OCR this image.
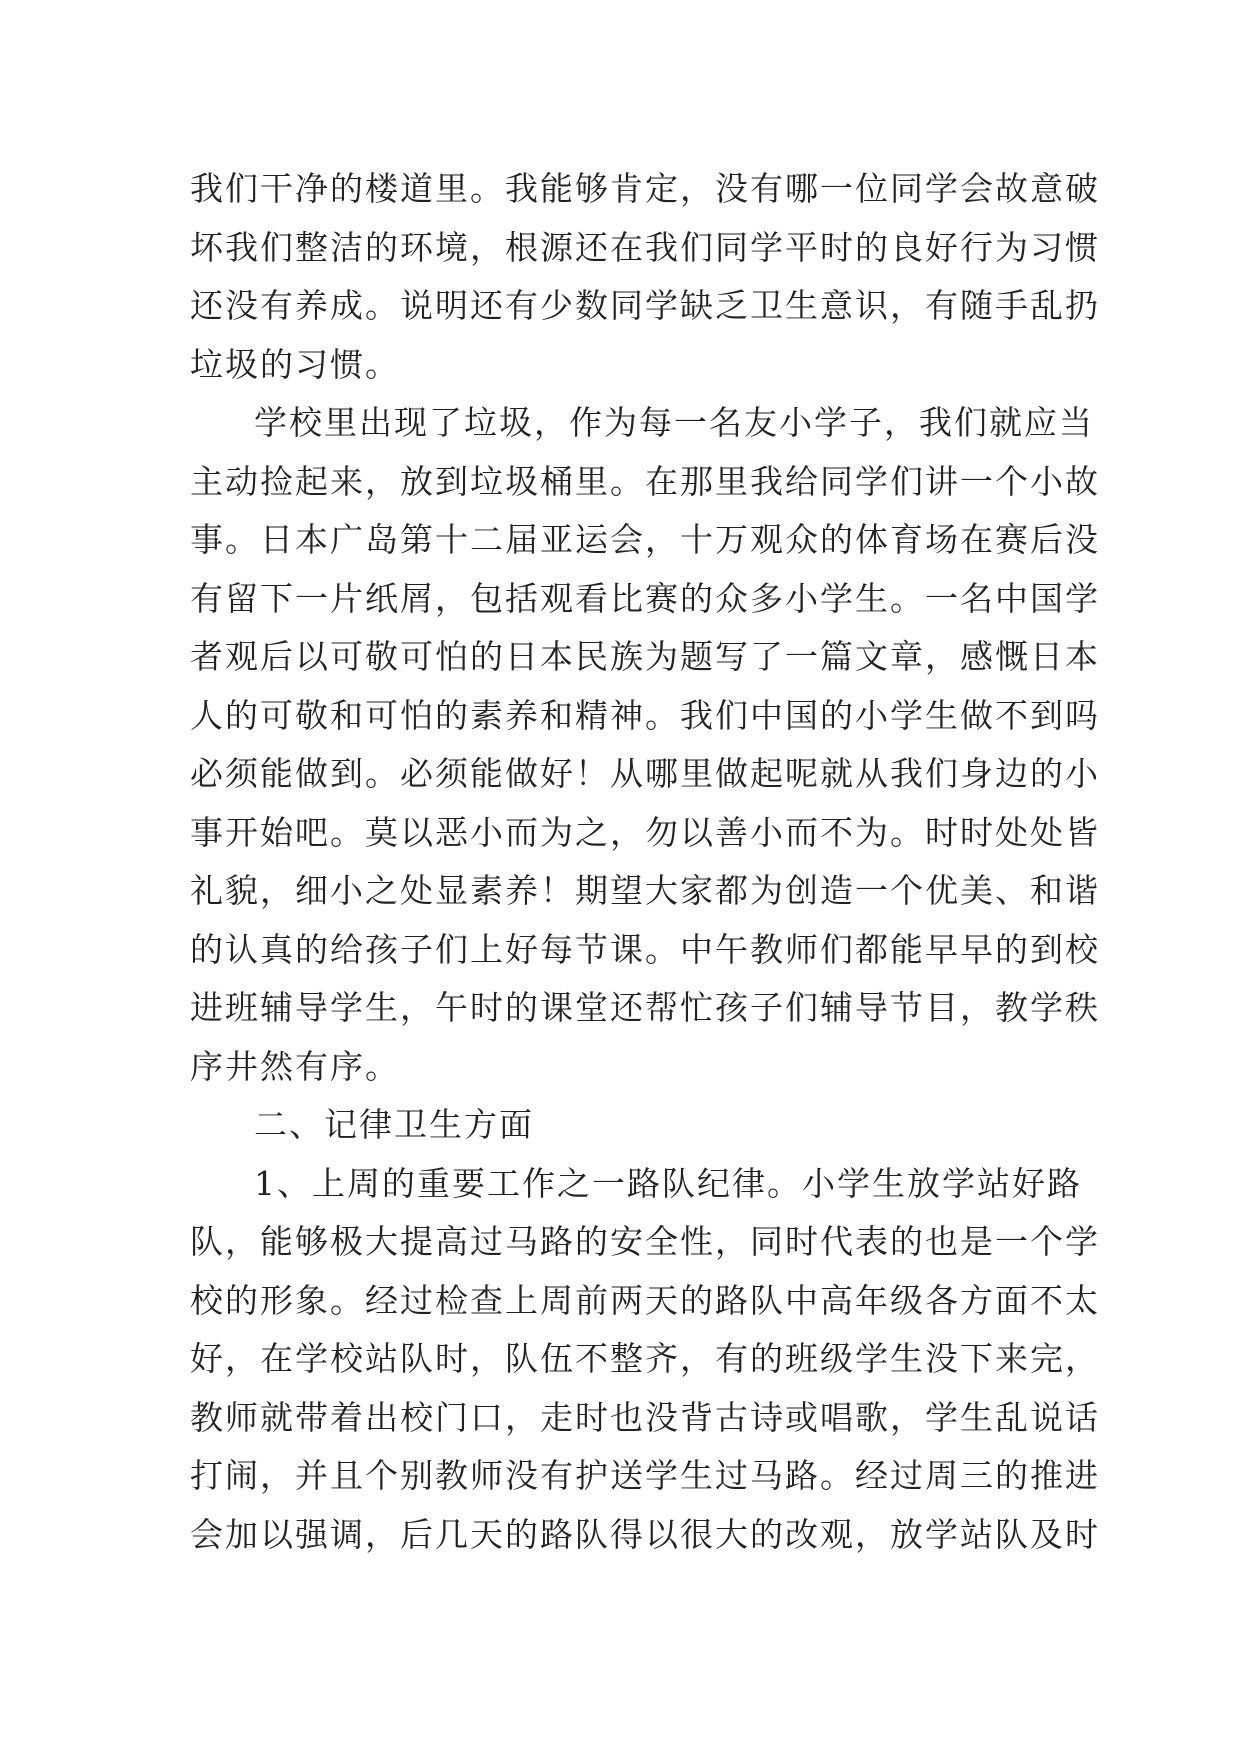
我们干净的楼道里。我能够肯定，没有哪一位同学会故意破
坏我们整洁的环境，根源还在我们同学平时的良好行为习惯
还没有养成。说明还有少数同学缺乏卫生意识，有随手乱扔
垃圾的习惯。
学校里出现了垃圾，作为每一名友小学子，我们就应当
主动捡起来，放到垃圾桶里。在那里我给同学们讲一个小故
事。日本广岛第十二届亚运会，十万观众的体育场在赛后没
有留下一片纸屑，包括观看比赛的众多小学生。一名中国学
者观后以可敬可怕的日本民族为题写了一篇文章，感慨日本
人的可敬和可怕的素养和精神。我们中国的小学生做不到吗
必须能做到。必须能做好！从哪里做起呢就从我们身边的小
事开始吧。莫以恶小而为之，勿以善小而不为。时时处处皆
礼貌，细小之处显素养！期望大家都为创造一个优美、和谐
的认真的给孩子们上好每节课。中午教师们都能早早的到校
进班辅导学生，午时的课堂还帮忙孩子们辅导节目，教学秩
序井然有序。
二、记律卫生方面
1、上周的重要工作之一路队纪律。小学生放学站好路
队，能够极大提高过马路的安全性，同时代表的也是一个学
校的形象。经过检查上周前两天的路队中高年级各方面不太
好，在学校站队时，队伍不整齐，有的班级学生没下来完，
教师就带着出校门口，走时也没背古诗或唱歌，学生乱说话
打闹，并且个别教师没有护送学生过马路。经过周三的推进
会加以强调，后几天的路队得以很大的改观，放学站队及时
